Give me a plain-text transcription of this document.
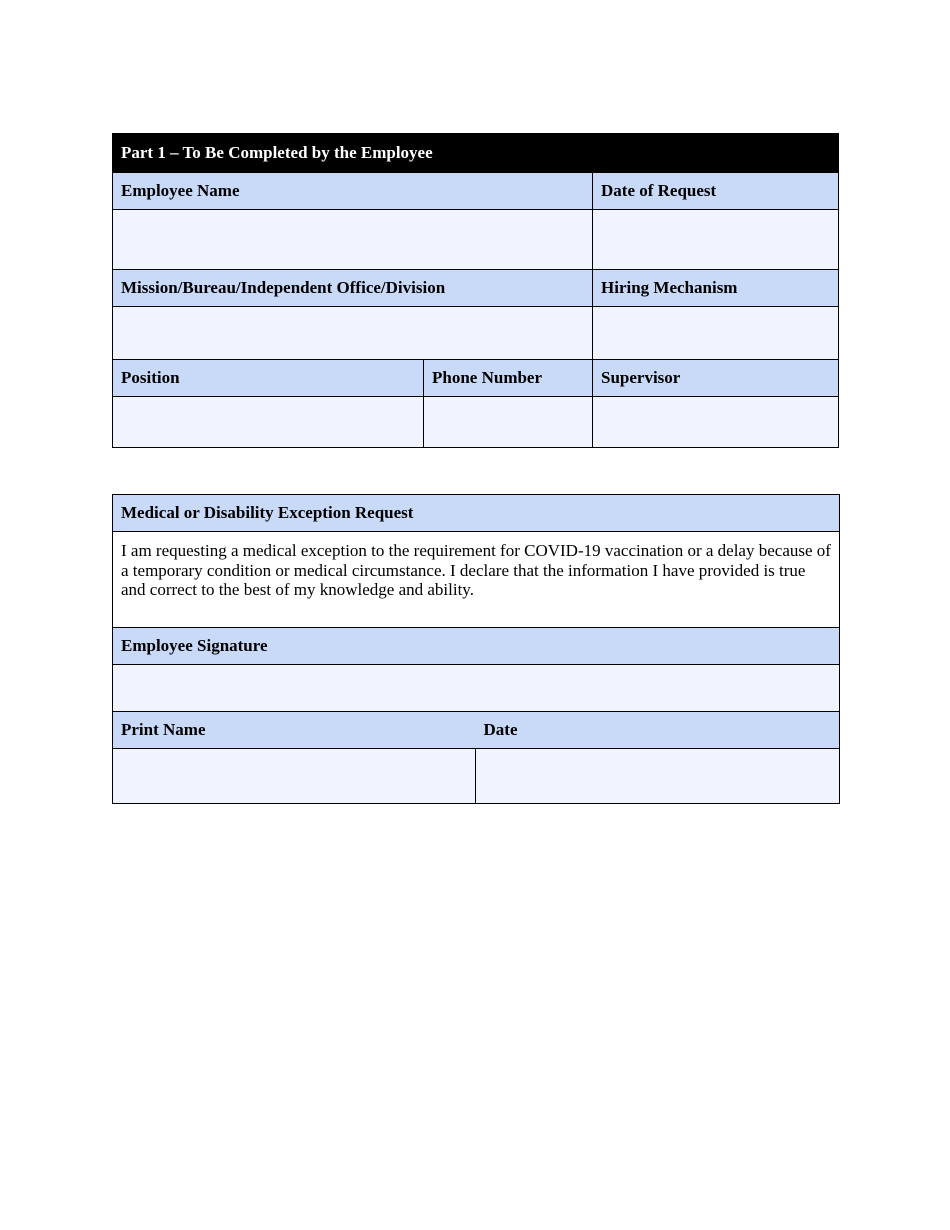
Part 1 – To Be Completed by the Employee		
Employee Name		Date of Request

Mission/Bureau/Independent Office/Division		Hiring Mechanism

Position	Phone Number	Supervisor

Medical or Disability Exception Request	
I am requesting a medical exception to the requirement for COVID-19 vaccination or a delay because of a temporary condition or medical circumstance. I declare that the information I have provided is true and correct to the best of my knowledge and ability.	
Employee Signature	

Print Name	Date
